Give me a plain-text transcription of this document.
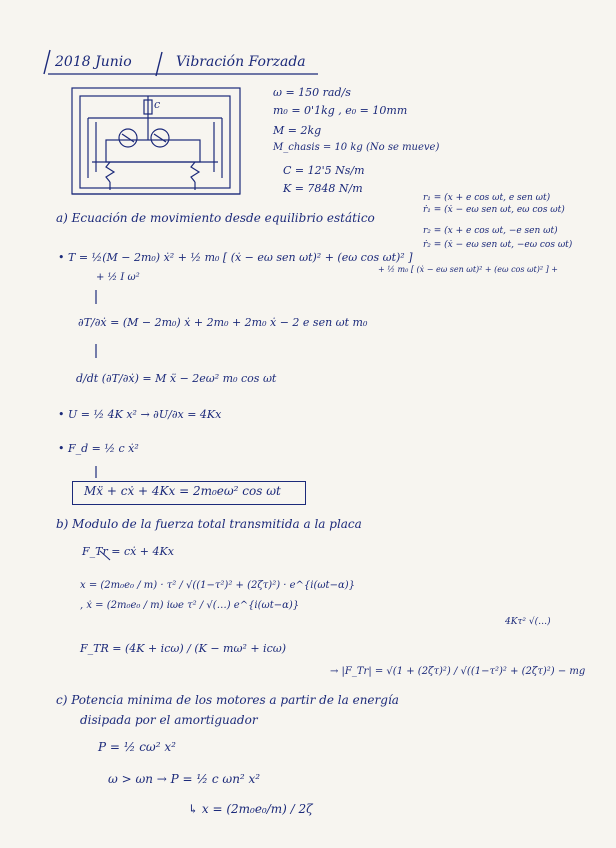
2018 Junio	Vibración Forzada
c
ω = 150 rad/s
m₀ = 0'1kg , e₀ = 10mm
M = 2kg
M_chasis = 10 kg (No se mueve)
C = 12'5 Ns/m
K = 7848 N/m
r₁ = (x + e cos ωt, e sen ωt)
ṙ₁ = (ẋ − eω sen ωt, eω cos ωt)
r₂ = (x + e cos ωt, −e sen ωt)
ṙ₂ = (ẋ − eω sen ωt, −eω cos ωt)
a) Ecuación de movimiento desde equilibrio estático
• T = ½(M − 2m₀) ẋ² + ½ m₀ [ (ẋ − eω sen ωt)² + (eω cos ωt)² ]
+ ½ m₀ [ (ẋ − eω sen ωt)² + (eω cos ωt)² ] +
+ ½ I ω²
∂T/∂ẋ = (M − 2m₀) ẋ + 2m₀ + 2m₀ ẋ − 2 e sen ωt m₀
d/dt (∂T/∂ẋ) = M ẍ − 2eω² m₀ cos ωt
• U = ½ 4K x² → ∂U/∂x = 4Kx
• F_d = ½ c ẋ²
Mẍ + cẋ + 4Kx = 2m₀eω² cos ωt
b) Modulo de la fuerza total transmitida a la placa
F_Tr = cẋ + 4Kx
x = (2m₀e₀ / m) · τ² / √((1−τ²)² + (2ζτ)²) · e^{i(ωt−α)}
, ẋ = (2m₀e₀ / m) iωe τ² / √(…) e^{i(ωt−α)}
4Kτ² √(…)
F_TR = (4K + icω) / (K − mω² + icω)
→ |F_Tr| = √(1 + (2ζτ)²) / √((1−τ²)² + (2ζτ)²) − mg
c) Potencia minima de los motores a partir de la energía
disipada por el amortiguador
P = ½ cω² x²
ω > ωn → P = ½ c ωn² x²
↳ x = (2m₀e₀/m) / 2ζ
